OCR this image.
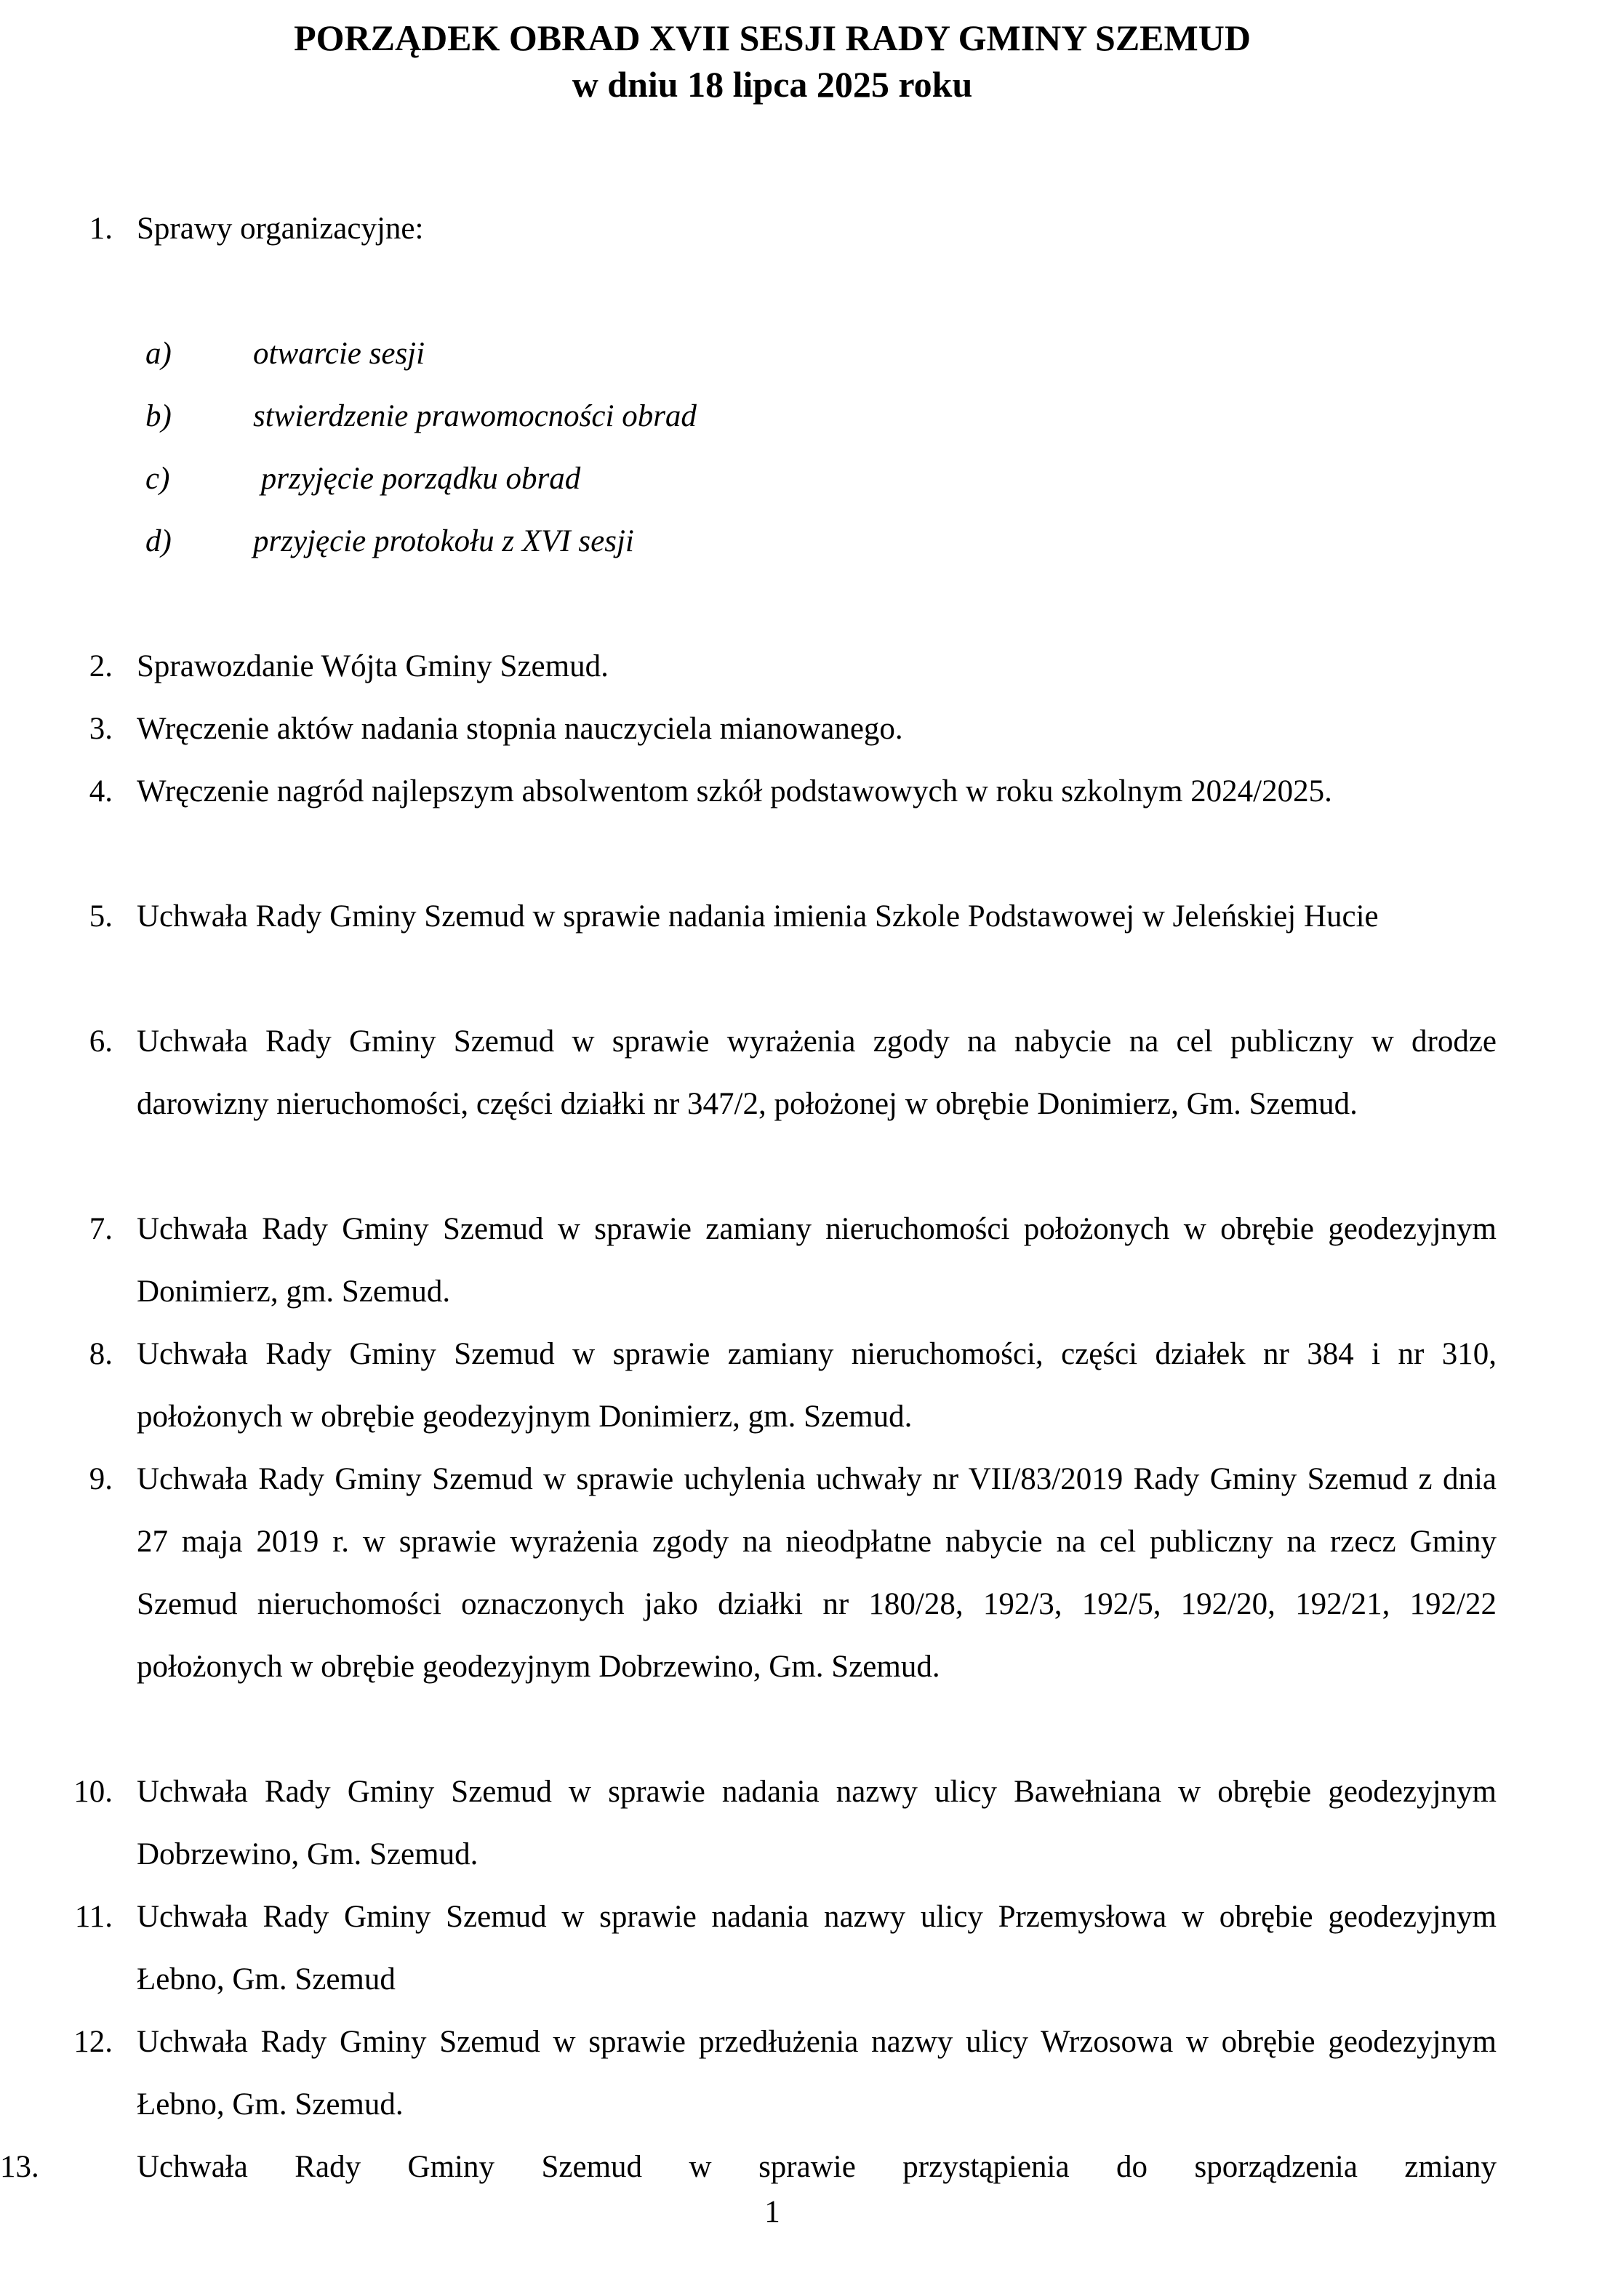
PORZĄDEK OBRAD XVII SESJI RADY GMINY SZEMUD
w dniu 18 lipca 2025 roku
1. Sprawy organizacyjne:
a)	otwarcie sesji
b)	stwierdzenie prawomocności obrad
c)	przyjęcie porządku obrad
d)	przyjęcie protokołu z XVI sesji
2. Sprawozdanie Wójta Gminy Szemud.
3. Wręczenie aktów nadania stopnia nauczyciela mianowanego.
4. Wręczenie nagród najlepszym absolwentom szkół podstawowych w roku szkolnym 2024/2025.
5. Uchwała Rady Gminy Szemud w sprawie nadania imienia Szkole Podstawowej w Jeleńskiej Hucie
6. Uchwała Rady Gminy Szemud w sprawie wyrażenia zgody na nabycie na cel publiczny w drodze darowizny nieruchomości, części działki nr 347/2, położonej w obrębie Donimierz, Gm. Szemud.
7. Uchwała Rady Gminy Szemud w sprawie zamiany nieruchomości położonych w obrębie geodezyjnym Donimierz, gm. Szemud.
8. Uchwała Rady Gminy Szemud w sprawie zamiany nieruchomości, części działek nr 384 i nr 310, położonych w obrębie geodezyjnym Donimierz, gm. Szemud.
9. Uchwała Rady Gminy Szemud w sprawie uchylenia uchwały nr VII/83/2019 Rady Gminy Szemud z dnia 27 maja 2019 r. w sprawie wyrażenia zgody na nieodpłatne nabycie na cel publiczny na rzecz Gminy Szemud nieruchomości oznaczonych jako działki nr 180/28, 192/3, 192/5, 192/20, 192/21, 192/22 położonych w obrębie geodezyjnym Dobrzewino, Gm. Szemud.
10. Uchwała Rady Gminy Szemud w sprawie nadania nazwy ulicy Bawełniana w obrębie geodezyjnym Dobrzewino, Gm. Szemud.
11. Uchwała Rady Gminy Szemud w sprawie nadania nazwy ulicy Przemysłowa w obrębie geodezyjnym Łebno, Gm. Szemud
12. Uchwała Rady Gminy Szemud w sprawie przedłużenia nazwy ulicy Wrzosowa w obrębie geodezyjnym Łebno, Gm. Szemud.
13.	Uchwała Rady Gminy Szemud w sprawie przystąpienia do sporządzenia zmiany
1
